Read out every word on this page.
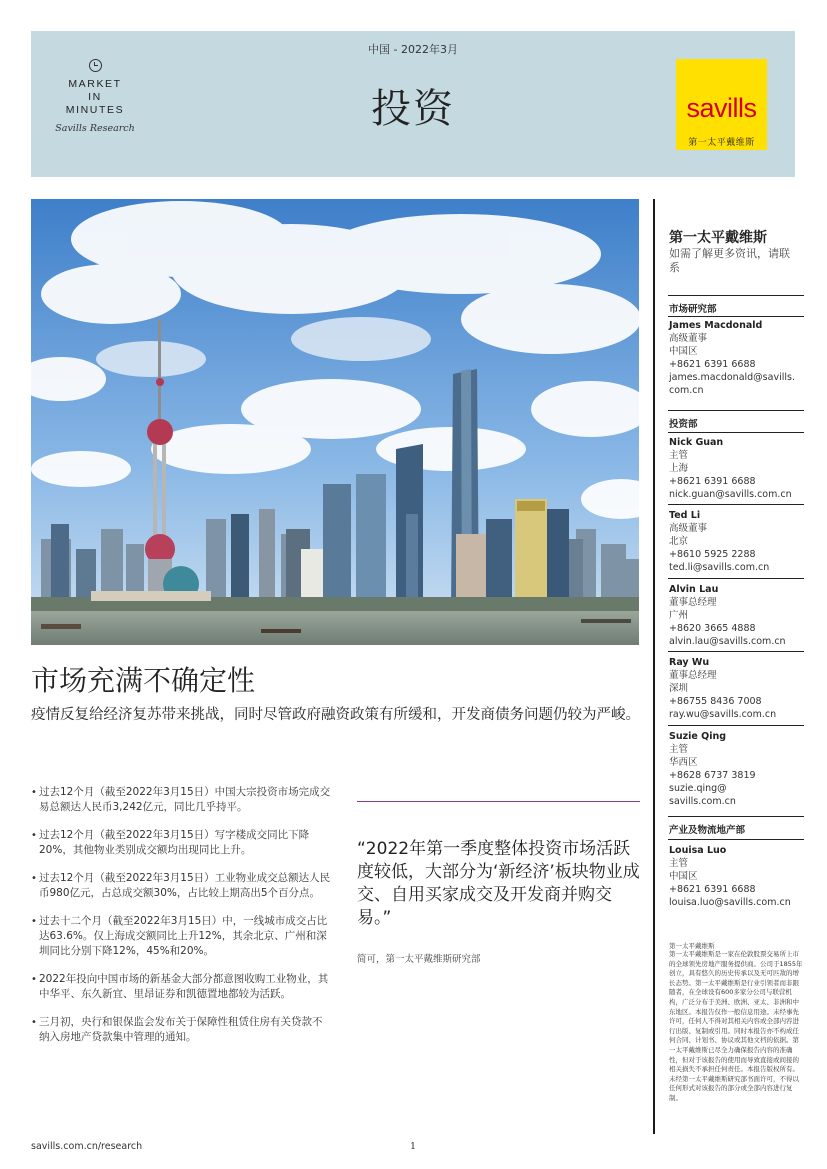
中国 - 2022年3月
投资
MARKET
IN
MINUTES
Savills Research
savills
第一太平戴维斯
市场充满不确定性
疫情反复给经济复苏带来挑战，同时尽管政府融资政策有所缓和，开发商债务问题仍较为严峻。
• 过去12个月（截至2022年3月15日）中国大宗投资市场完成交易总额达人民币3,242亿元，同比几乎持平。
• 过去12个月（截至2022年3月15日）写字楼成交同比下降20%，其他物业类别成交额均出现同比上升。
• 过去12个月（截至2022年3月15日）工业物业成交总额达人民币980亿元，占总成交额30%，占比较上期高出5个百分点。
• 过去十二个月（截至2022年3月15日）中，一线城市成交占比达63.6%。仅上海成交额同比上升12%，其余北京、广州和深圳同比分别下降12%，45%和20%。
• 2022年投向中国市场的新基金大部分都意图收购工业物业，其中华平、东久新宜、里昂证券和凯德置地都较为活跃。
• 三月初，央行和银保监会发布关于保障性租赁住房有关贷款不纳入房地产贷款集中管理的通知。
“2022年第一季度整体投资市场活跃度较低，大部分为‘新经济’板块物业成交、自用买家成交及开发商并购交易。”
简可，第一太平戴维斯研究部
第一太平戴维斯
如需了解更多资讯，请联系
市场研究部
James Macdonald
高级董事
中国区
+8621 6391 6688
james.macdonald@savills.
com.cn
投资部
Nick Guan
主管
上海
+8621 6391 6688
nick.guan@savills.com.cn
Ted Li
高级董事
北京
+8610 5925 2288
ted.li@savills.com.cn
Alvin Lau
董事总经理
广州
+8620 3665 4888
alvin.lau@savills.com.cn
Ray Wu
董事总经理
深圳
+86755 8436 7008
ray.wu@savills.com.cn
Suzie Qing
主管
华西区
+8628 6737 3819
suzie.qing@
savills.com.cn
产业及物流地产部
Louisa Luo
主管
中国区
+8621 6391 6688
louisa.luo@savills.com.cn
第一太平戴维斯
第一太平戴维斯是一家在伦敦股票交易所上市的全球领先房地产服务提供商。公司于1855年创立，具有悠久的历史传承以及无可匹敌的增长态势。第一太平戴维斯是行业引领者而非跟随者，在全球设有600多家分公司与联营机构，广泛分布于美洲、欧洲、亚太、非洲和中东地区。本报告仅作一般信息用途。未经事先许可，任何人不得对其相关内容或全部内容进行出版、复制或引用。同时本报告亦不构成任何合同、计划书、协议或其他文档的依据。第一太平戴维斯已尽全力确保报告内容的准确性，但对于该报告的使用而导致直接或间接的相关损失不承担任何责任。本报告版权所有。未经第一太平戴维斯研究部书面许可，不得以任何形式对该报告的部分或全部内容进行复制。
savills.com.cn/research	1
